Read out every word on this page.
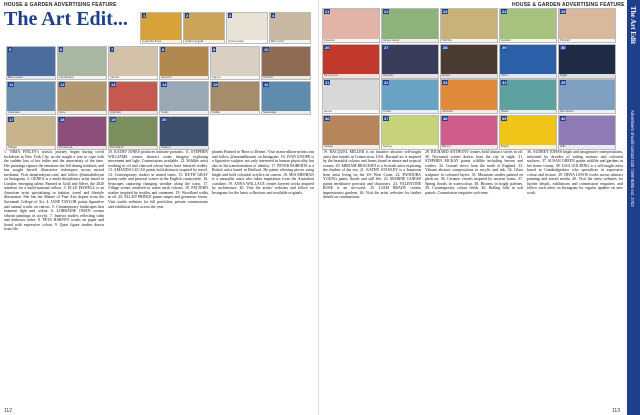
HOUSE & GARDEN ADVERTISING FEATURE	HOUSE & GARDEN ADVERTISING FEATURE
The Art Edit...	1
Colourful lines
2
Amber & gold
3
Cloud study
4
Bird motif
5
Blue series
6
Landscape
7
Interior
8
Harvest
9
Figure
10
Portrait
11
Cascade
12
Hare
13
Abstract
14
Study
15
Cattle
16
Seascape
17
Village
18
Ornament
19
Woodland
20
Stripes
21
Flowers
22
Green study
23
Still life
24
Garden
25
Portrait
26
Red forms
27
Woman
28
Horse
29
Swirl
30
Night
31
Heron
32
Coast
33
Abstract
34
Glass
35
Mountains
36
Vessel
37
Spring
38
Bloom
39
Bright
40
Hills
1. NIMA FINLEY's artistic journey began during covid lockdown in New York City, as she sought a way to cope with the sudden loss of her father and the uncertainty of the time. Her paintings capture the emotions she felt during isolation, and has sought herself illustrative techniques across mixed mediums. Visit nimafinleyart.com/ and follow @nimafinleyart on Instagram. 2. GENEA is a multi-disciplinary artist based in London; emerging talent. Painted in Gold and Silver, the 2020 standout for a multi-national rollout. 3. ELLE DOWELL is an American artist specializing in fashion, travel and lifestyle illustration. She has her Master of Fine Arts degree from the Savannah College of Art. 4. JANE TAYLOR paints figurative and animal works on canvas. 5. Contemporary landscapes that examine light and colour. 6. LORRAINE OWEN creates vibrant paintings in acrylic. 7. Interior studies reflecting calm and domestic order. 8. PETA HARVEY works on paper and board with expressive colour. 9. Quiet figure studies drawn from life.
10. KATHY JONES produces intimate portraits. 11. STEPHEN WILLIAMS creates abstract water imagery exploring movement and light. Commissions available. 12. Wildlife artist working in oil and charcoal whose hares have featured widely. 13. AMANDA LUCAS paints bold abstracts inspired by travel. 14. Contemporary studies in muted tones. 15. RUTH GRAY paints cattle and pastoral scenes in the English countryside. 16. Seascapes capturing changing weather along the coast. 17. Village scenes rendered in warm earth colours. 18. PATTERN studies inspired by textiles and ornament. 19. Woodland walks in oil. 20. ELLEN PRINCE paints stripes and geometric forms. Visit studio websites for full portfolios, private commissions and exhibition dates across the year.
planets Painted in 'Born to Dream'. Visit maria-albion-prints.com and follow @mariaalbionart on Instagram. 16. IVAN KNOPE is a figurative sculptor not only interested in human physicality but also in the transformation of identity. 17. PETER ROBERTS is a British artist based in Bedford. He paints relaxing pieces using bright and bold colourful acrylics on canvas. 18. MIA MEEHAN is a naturalist artist who takes inspiration from the Australian coastline. 19. ANNA WALLACE creates layered works inspired by architecture. 20. Visit the artists' websites and follow on Instagram for the latest collections and available originals.
19. RACQUEL MILLER is an intuitive abstract self-taught artist that resides in Connecticut, USA. Racquel art is inspired by the beautiful colours and forms found in nature and tropical oceans. 20. MIRIAM BRACKEN is a Scottish artist exploring the rhythm of the sea. 21. KATHY STANLEY is a Jamaican born artist living on the US West Coast. 22. PANDORA YOUNG paints florals and still life. 23. MARINE GOHAR paints meditative portraits and characters. 24. VALENTINE ROSE is an art-world. 25. LIAM BRADY creates impressionist gardens. 26. Visit the artist websites for further details on commissions.
29. RICHARD ANTHONY creates bold abstract swirls in oil. 30. Nocturnal scenes drawn from the city at night. 31. STEPHEN MCKAY paints wildlife including herons and waders. 32. Coastal views from the north of England. 33. Vibrant abstract compositions in acrylic and ink. 34. Glass sculpture in coloured layers. 35. Mountain studies painted en plein air. 36. Ceramic vessels inspired by ancient forms. 37. Spring florals in watercolour. 38. Blooms in bright palettes. 39. Contemporary colour fields. 40. Rolling hills in soft pastels. Commission enquiries welcome.
36. AUDREY JOHNS bright and imaginative interpretations, informed by decades of sailing seasons and coloured surfaces. 37. SUSAN GREEN paints wildlife and gardens in her home county. 38. LISA GOLDING is a self-taught artist based in Cambridgeshire who specialises in expressive colour and texture. 39. DENA LEWIS works across abstract painting and mixed media. 40. Visit the artist websites for further details, exhibitions and commission enquiries, and follow each artist on Instagram for regular updates on new work.
112	113
The Art Edit
Advertisers should contact 020 7499 9080 ext. 3703
